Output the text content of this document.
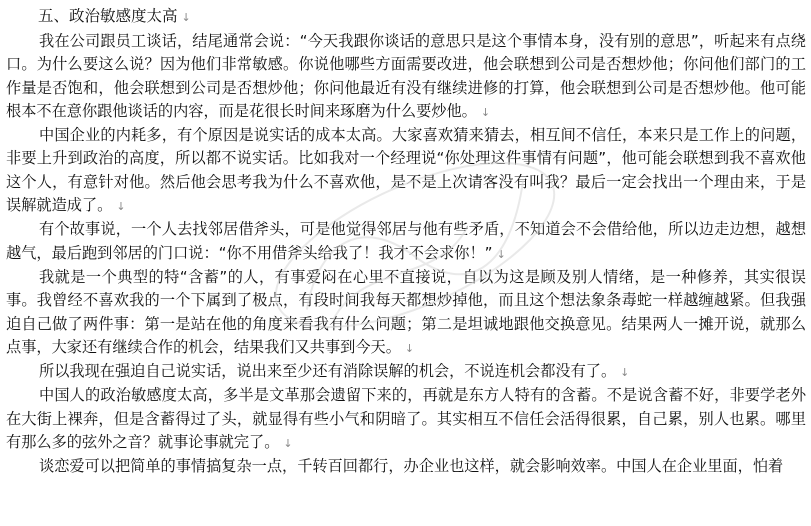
五、政治敏感度太高 ↓

我在公司跟员工谈话，结尾通常会说：“今天我跟你谈话的意思只是这个事情本身，没有别的意思”，听起来有点绕口。为什么要这么说？因为他们非常敏感。你说他哪些方面需要改进，他会联想到公司是否想炒他；你问他们部门的工作量是否饱和，他会联想到公司是否想炒他；你问他最近有没有继续进修的打算，他会联想到公司是否想炒他。他可能根本不在意你跟他谈话的内容，而是花很长时间来琢磨为什么要炒他。 ↓

中国企业的内耗多，有个原因是说实话的成本太高。大家喜欢猜来猜去，相互间不信任，本来只是工作上的问题，非要上升到政治的高度，所以都不说实话。比如我对一个经理说“你处理这件事情有问题”，他可能会联想到我不喜欢他这个人，有意针对他。然后他会思考我为什么不喜欢他，是不是上次请客没有叫我？最后一定会找出一个理由来，于是误解就造成了。 ↓

有个故事说，一个人去找邻居借斧头，可是他觉得邻居与他有些矛盾，不知道会不会借给他，所以边走边想，越想越气，最后跑到邻居的门口说：“你不用借斧头给我了！我才不会求你！” ↓

我就是一个典型的特“含蓄”的人，有事爱闷在心里不直接说，自以为这是顾及别人情绪，是一种修养，其实很误事。我曾经不喜欢我的一个下属到了极点，有段时间我每天都想炒掉他，而且这个想法象条毒蛇一样越缠越紧。但我强迫自己做了两件事：第一是站在他的角度来看我有什么问题；第二是坦诚地跟他交换意见。结果两人一摊开说，就那么点事，大家还有继续合作的机会，结果我们又共事到今天。 ↓

所以我现在强迫自己说实话，说出来至少还有消除误解的机会，不说连机会都没有了。 ↓

中国人的政治敏感度太高，多半是文革那会遗留下来的，再就是东方人特有的含蓄。不是说含蓄不好，非要学老外在大街上裸奔，但是含蓄得过了头，就显得有些小气和阴暗了。其实相互不信任会活得很累，自己累，别人也累。哪里有那么多的弦外之音？就事论事就完了。 ↓

谈恋爱可以把简单的事情搞复杂一点，千转百回都行，办企业也这样，就会影响效率。中国人在企业里面，怕着
